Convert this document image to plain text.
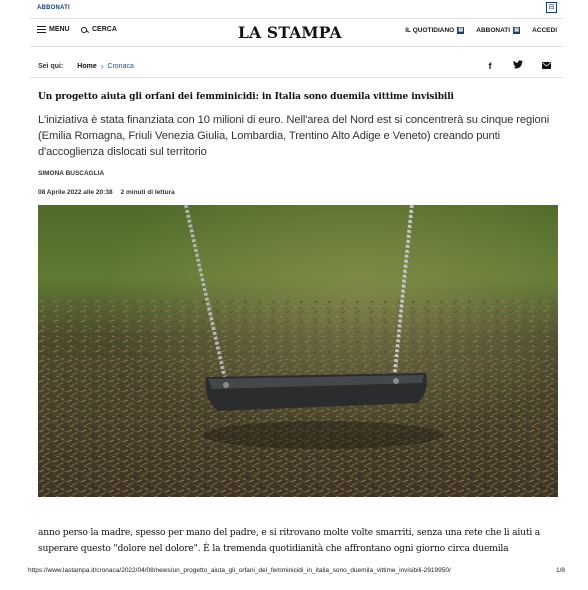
ABBONATI	⊟
MENU	CERCA	LA STAMPA	IL QUOTIDIANO ▤ ABBONATI ▤ ACCEDI
Sei qui: Home › Cronaca	f
Un progetto aiuta gli orfani dei femminicidi: in Italia sono duemila vittime invisibili

L'iniziativa è stata finanziata con 10 milioni di euro. Nell'area del Nord est si concentrerà su cinque regioni (Emilia Romagna, Friuli Venezia Giulia, Lombardia, Trentino Alto Adige e Veneto) creando punti d'accoglienza dislocati sul territorio

SIMONA BUSCAGLIA
08 Aprile 2022 alle 20:38 2 minuti di lettura

anno perso la madre, spesso per mano del padre, e si ritrovano molte volte smarriti, senza una rete che li aiuti a
superare questo "dolore nel dolore". È la tremenda quotidianità che affrontano ogni giorno circa duemila

https://www.lastampa.it/cronaca/2022/04/08/news/un_progetto_aiuta_gli_orfani_dei_femminicidi_in_italia_sono_duemila_vittime_invisibili-2919950/	1/8
